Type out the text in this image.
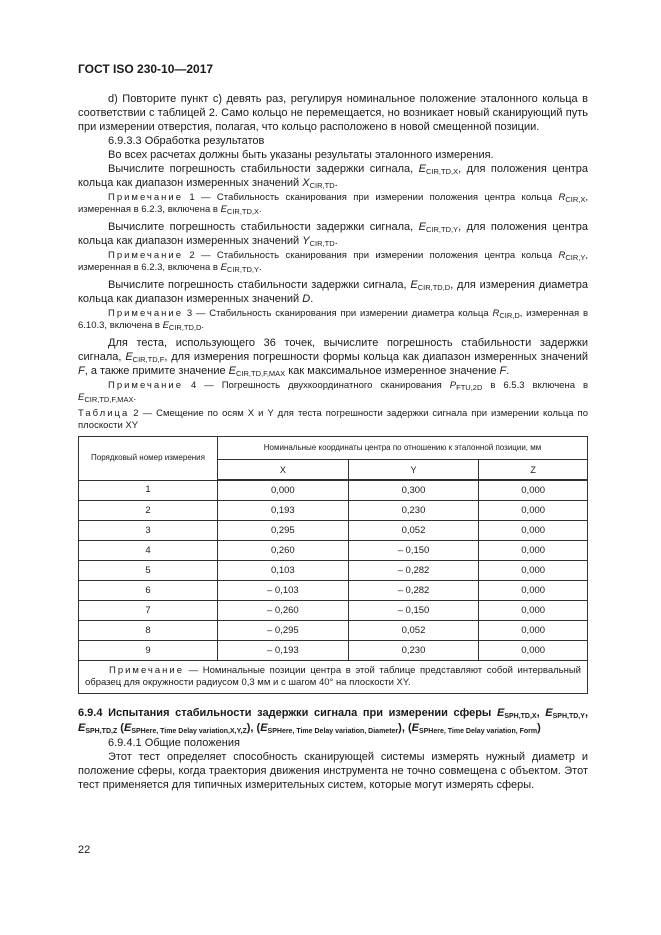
ГОСТ ISO 230-10—2017

d) Повторите пункт c) девять раз, регулируя номинальное положение эталонного кольца в соответствии с таблицей 2. Само кольцо не перемещается, но возникает новый сканирующий путь при измерении отверстия, полагая, что кольцо расположено в новой смещенной позиции.

6.9.3.3 Обработка результатов

Во всех расчетах должны быть указаны результаты эталонного измерения.

Вычислите погрешность стабильности задержки сигнала, $E_{CIR,TD,X}$, для положения центра кольца как диапазон измеренных значений $X_{CIR,TD}$.

Примечание 1 — Стабильность сканирования при измерении положения центра кольца $R_{CIR,X}$, измеренная в 6.2.3, включена в $E_{CIR,TD,X}$.

Вычислите погрешность стабильности задержки сигнала, $E_{CIR,TD,Y}$, для положения центра кольца как диапазон измеренных значений $Y_{CIR,TD}$.

Примечание 2 — Стабильность сканирования при измерении положения центра кольца $R_{CIR,Y}$, измеренная в 6.2.3, включена в $E_{CIR,TD,Y}$.

Вычислите погрешность стабильности задержки сигнала, $E_{CIR,TD,D}$, для измерения диаметра кольца как диапазон измеренных значений D.

Примечание 3 — Стабильность сканирования при измерении диаметра кольца $R_{CIR,D}$, измеренная в 6.10.3, включена в $E_{CIR,TD,D}$.

Для теста, использующего 36 точек, вычислите погрешность стабильности задержки сигнала, $E_{CIR,TD,F}$, для измерения погрешности формы кольца как диапазон измеренных значений F, а также примите значение $E_{CIR,TD,F,MAX}$ как максимальное измеренное значение F.

Примечание 4 — Погрешность двухкоординатного сканирования $P_{FTU,2D}$ в 6.5.3 включена в $E_{CIR,TD,F,MAX}$.

Таблица 2 — Смещение по осям X и Y для теста погрешности задержки сигнала при измерении кольца по плоскости XY

Порядковый номер измерения	Номинальные координаты центра по отношению к эталонной позиции, мм		
	X	Y	Z
1	0,000	0,300	0,000
2	0,193	0,230	0,000
3	0,295	0,052	0,000
4	0,260	– 0,150	0,000
5	0,103	– 0,282	0,000
6	– 0,103	– 0,282	0,000
7	– 0,260	– 0,150	0,000
8	– 0,295	0,052	0,000
9	– 0,193	0,230	0,000
Примечание — Номинальные позиции центра в этой таблице представляют собой интервальный образец для окружности радиусом 0,3 мм и с шагом 40° на плоскости XY.			

6.9.4 Испытания стабильности задержки сигнала при измерении сферы $E_{SPH,TD,X}$, $E_{SPH,TD,Y}$, $E_{SPH,TD,Z}$ $(E_{SPHere, Time Delay variation,X,Y,Z})$, $(E_{SPHere, Time Delay variation, Diameter})$, $(E_{SPHere, Time Delay variation, Form})$

6.9.4.1 Общие положения

Этот тест определяет способность сканирующей системы измерять нужный диаметр и положение сферы, когда траектория движения инструмента не точно совмещена с объектом. Этот тест применяется для типичных измерительных систем, которые могут измерять сферы.

22
